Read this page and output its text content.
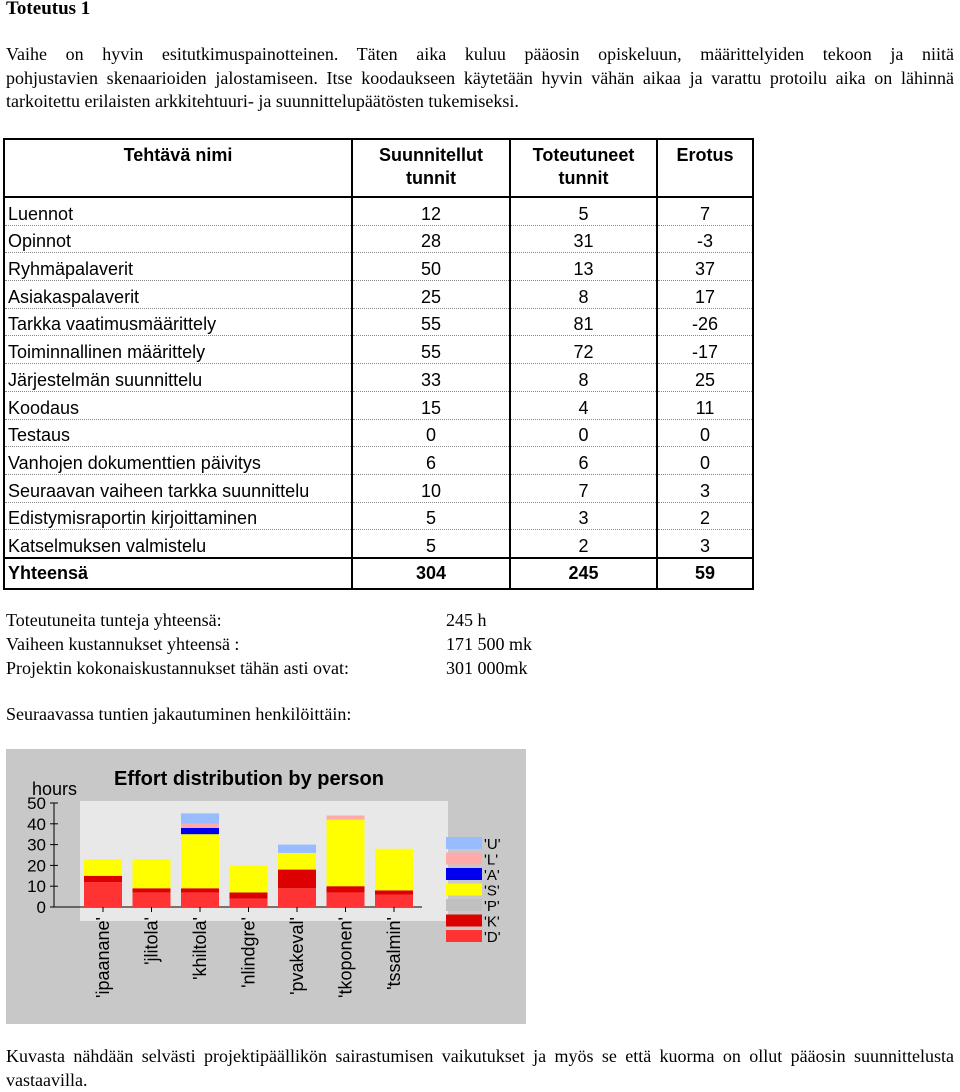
Toteutus 1
Vaihe on hyvin esitutkimuspainotteinen. Täten aika kuluu pääosin opiskeluun, määrittelyiden tekoon ja niitä
pohjustavien skenaarioiden jalostamiseen. Itse koodaukseen käytetään hyvin vähän aikaa ja varattu protoilu aika on lähinnä tarkoitettu erilaisten arkkitehtuuri- ja suunnittelupäätösten tukemiseksi.
Tehtävä nimi	Suunnitellut tunnit	Toteutuneet tunnit	Erotus
Luennot	12	5	7
Opinnot	28	31	-3
Ryhmäpalaverit	50	13	37
Asiakaspalaverit	25	8	17
Tarkka vaatimusmäärittely	55	81	-26
Toiminnallinen määrittely	55	72	-17
Järjestelmän suunnittelu	33	8	25
Koodaus	15	4	11
Testaus	0	0	0
Vanhojen dokumenttien päivitys	6	6	0
Seuraavan vaiheen tarkka suunnittelu	10	7	3
Edistymisraportin kirjoittaminen	5	3	2
Katselmuksen valmistelu	5	2	3
Yhteensä	304	245	59
Toteutuneita tunteja yhteensä:	245 h
Vaiheen kustannukset yhteensä :	171 500 mk
Projektin kokonaiskustannukset tähän asti ovat:	301 000mk
Seuraavassa tuntien jakautuminen henkilöittäin:
Effort distribution by person
hours
50
40
30
20
10
0
'ipaanane' 'jlitola' 'khiltola' 'nlindgre' 'pvakeval' 'tkoponen' 'tssalmin'
'U'
'L'
'A'
'S'
'P'
'K'
'D'
Kuvasta nähdään selvästi projektipäällikön sairastumisen vaikutukset ja myös se että kuorma on ollut pääosin suunnittelusta vastaavilla.
